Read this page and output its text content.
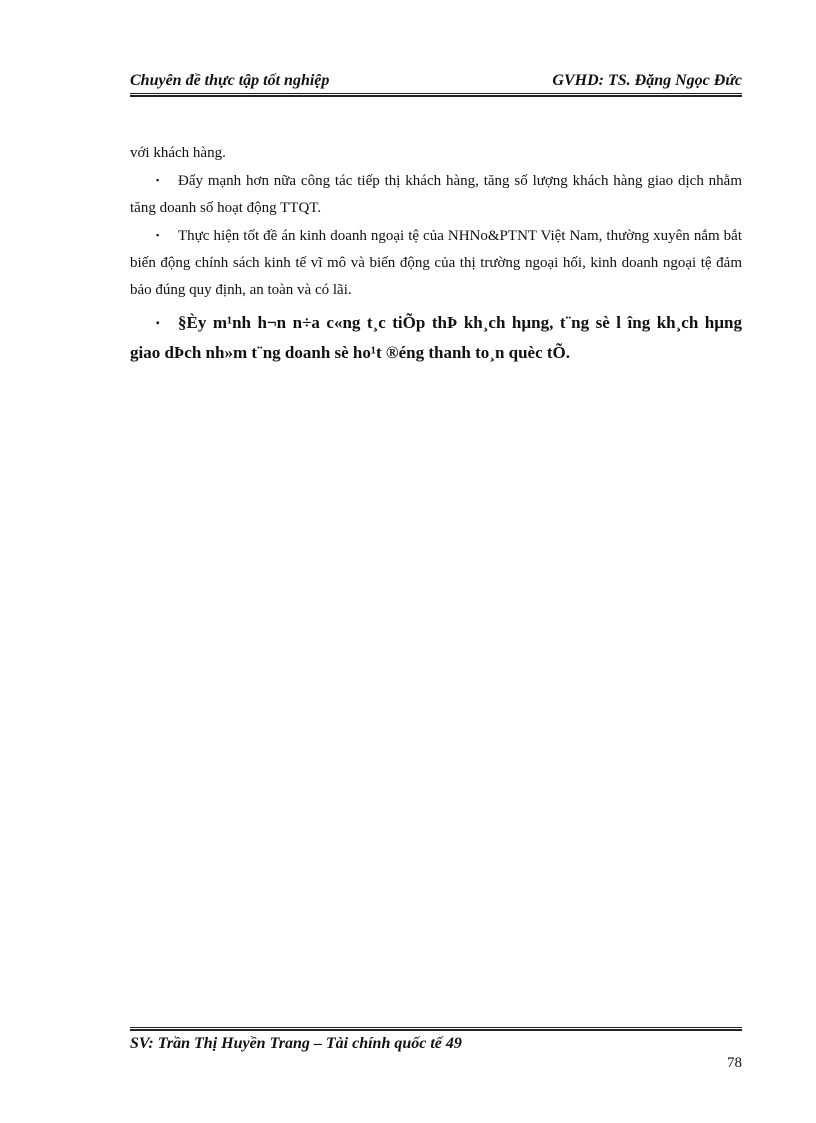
Chuyên đề thực tập tốt nghiệp	GVHD: TS. Đặng Ngọc Đức

với khách hàng.

▪ Đẩy mạnh hơn nữa công tác tiếp thị khách hàng, tăng số lượng khách hàng giao dịch nhằm tăng doanh số hoạt động TTQT.

▪ Thực hiện tốt đề án kinh doanh ngoại tệ của NHNo&PTNT Việt Nam, thường xuyên nắm bắt biến động chính sách kinh tế vĩ mô và biến động của thị trường ngoại hối, kinh doanh ngoại tệ đảm bảo đúng quy định, an toàn và có lãi.

▪ §Èy m¹nh h¬n n÷a c«ng t¸c tiÕp thÞ kh¸ch hµng, t¨ng sè l îng kh¸ch hµng giao dÞch nh»m t¨ng doanh sè ho¹t ®éng thanh to¸n quèc tÕ.

SV: Trần Thị Huyền Trang – Tài chính quốc tế 49
78
